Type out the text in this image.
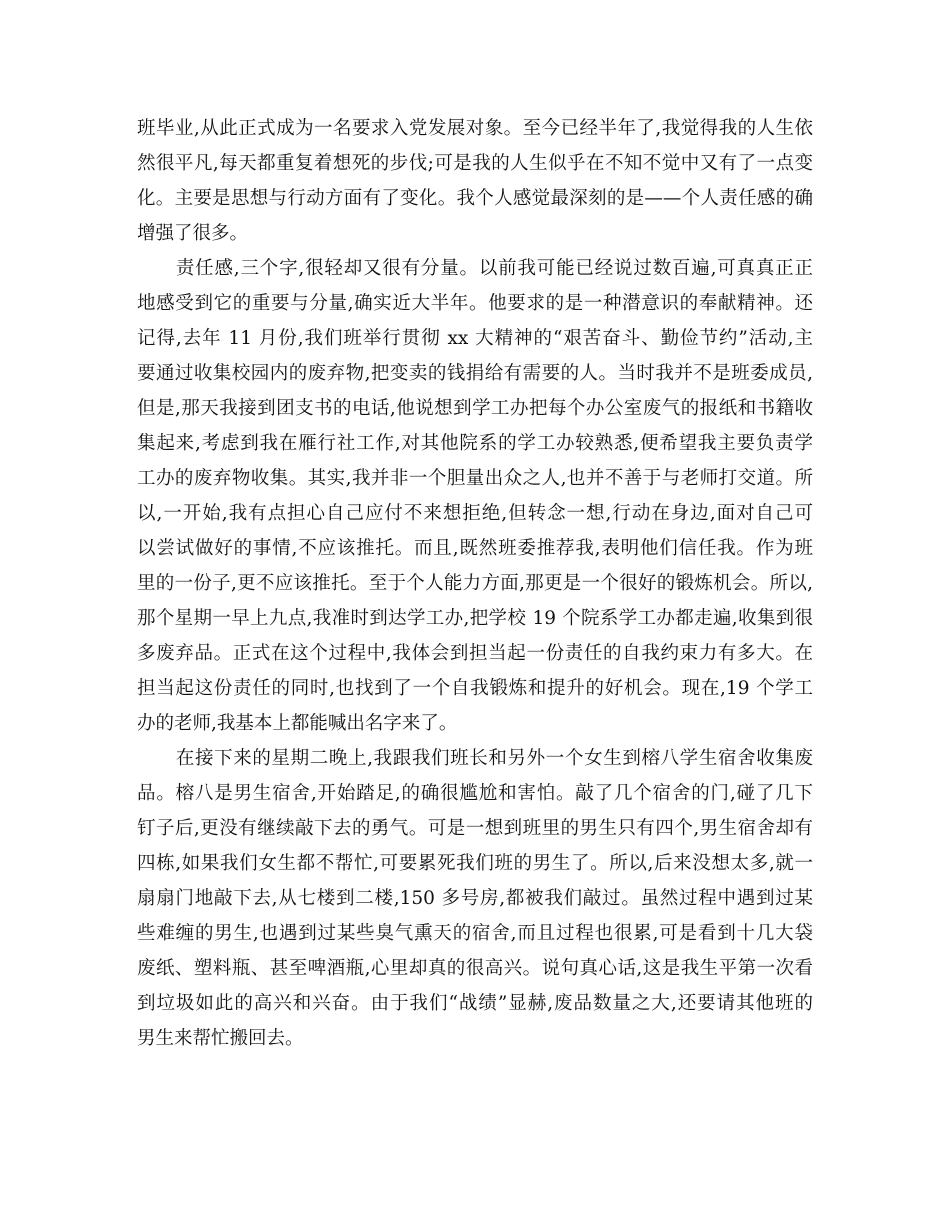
班毕业,从此正式成为一名要求入党发展对象。至今已经半年了,我觉得我的人生依
然很平凡,每天都重复着想死的步伐;可是我的人生似乎在不知不觉中又有了一点变
化。主要是思想与行动方面有了变化。我个人感觉最深刻的是——个人责任感的确
增强了很多。
责任感,三个字,很轻却又很有分量。以前我可能已经说过数百遍,可真真正正
地感受到它的重要与分量,确实近大半年。他要求的是一种潜意识的奉献精神。还
记得,去年 11 月份,我们班举行贯彻 xx 大精神的“艰苦奋斗、勤俭节约”活动,主
要通过收集校园内的废弃物,把变卖的钱捐给有需要的人。当时我并不是班委成员,
但是,那天我接到团支书的电话,他说想到学工办把每个办公室废气的报纸和书籍收
集起来,考虑到我在雁行社工作,对其他院系的学工办较熟悉,便希望我主要负责学
工办的废弃物收集。其实,我并非一个胆量出众之人,也并不善于与老师打交道。所
以,一开始,我有点担心自己应付不来想拒绝,但转念一想,行动在身边,面对自己可
以尝试做好的事情,不应该推托。而且,既然班委推荐我,表明他们信任我。作为班
里的一份子,更不应该推托。至于个人能力方面,那更是一个很好的锻炼机会。所以,
那个星期一早上九点,我准时到达学工办,把学校 19 个院系学工办都走遍,收集到很
多废弃品。正式在这个过程中,我体会到担当起一份责任的自我约束力有多大。在
担当起这份责任的同时,也找到了一个自我锻炼和提升的好机会。现在,19 个学工
办的老师,我基本上都能喊出名字来了。
在接下来的星期二晚上,我跟我们班长和另外一个女生到榕八学生宿舍收集废
品。榕八是男生宿舍,开始踏足,的确很尴尬和害怕。敲了几个宿舍的门,碰了几下
钉子后,更没有继续敲下去的勇气。可是一想到班里的男生只有四个,男生宿舍却有
四栋,如果我们女生都不帮忙,可要累死我们班的男生了。所以,后来没想太多,就一
扇扇门地敲下去,从七楼到二楼,150 多号房,都被我们敲过。虽然过程中遇到过某
些难缠的男生,也遇到过某些臭气熏天的宿舍,而且过程也很累,可是看到十几大袋
废纸、塑料瓶、甚至啤酒瓶,心里却真的很高兴。说句真心话,这是我生平第一次看
到垃圾如此的高兴和兴奋。由于我们“战绩”显赫,废品数量之大,还要请其他班的
男生来帮忙搬回去。
